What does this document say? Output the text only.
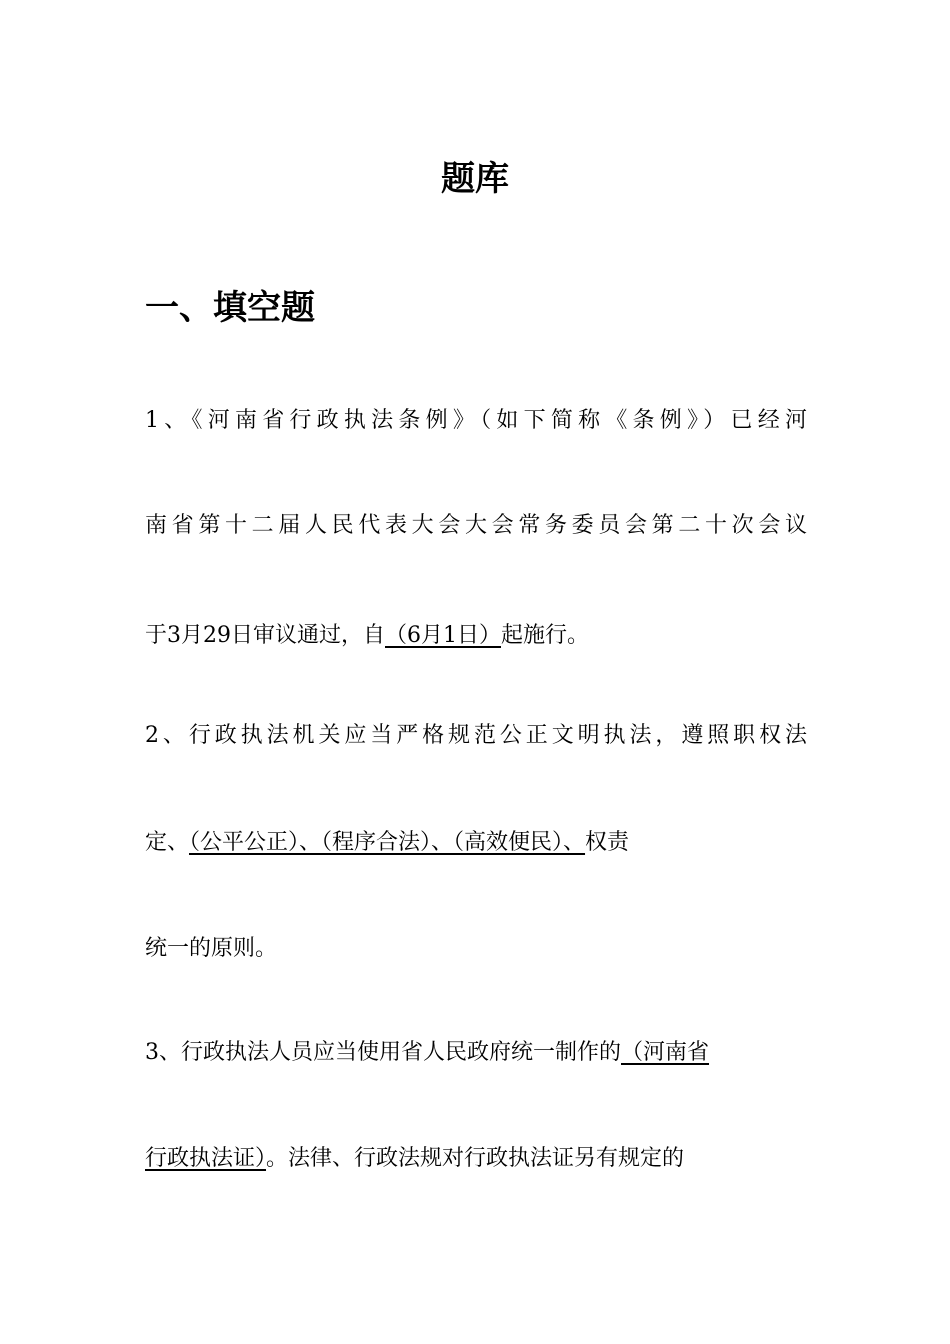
题库
一、填空题
1、《河南省行政执法条例》（如下简称《条例》）已经河
南省第十二届人民代表大会大会常务委员会第二十次会议
于3月29日审议通过，自（6月1日）起施行。
2、行政执法机关应当严格规范公正文明执法，遵照职权法
定、（公平公正）、（程序合法）、（高效便民）、权责
统一的原则。
3、行政执法人员应当使用省人民政府统一制作的（河南省
行政执法证）。法律、行政法规对行政执法证另有规定的
